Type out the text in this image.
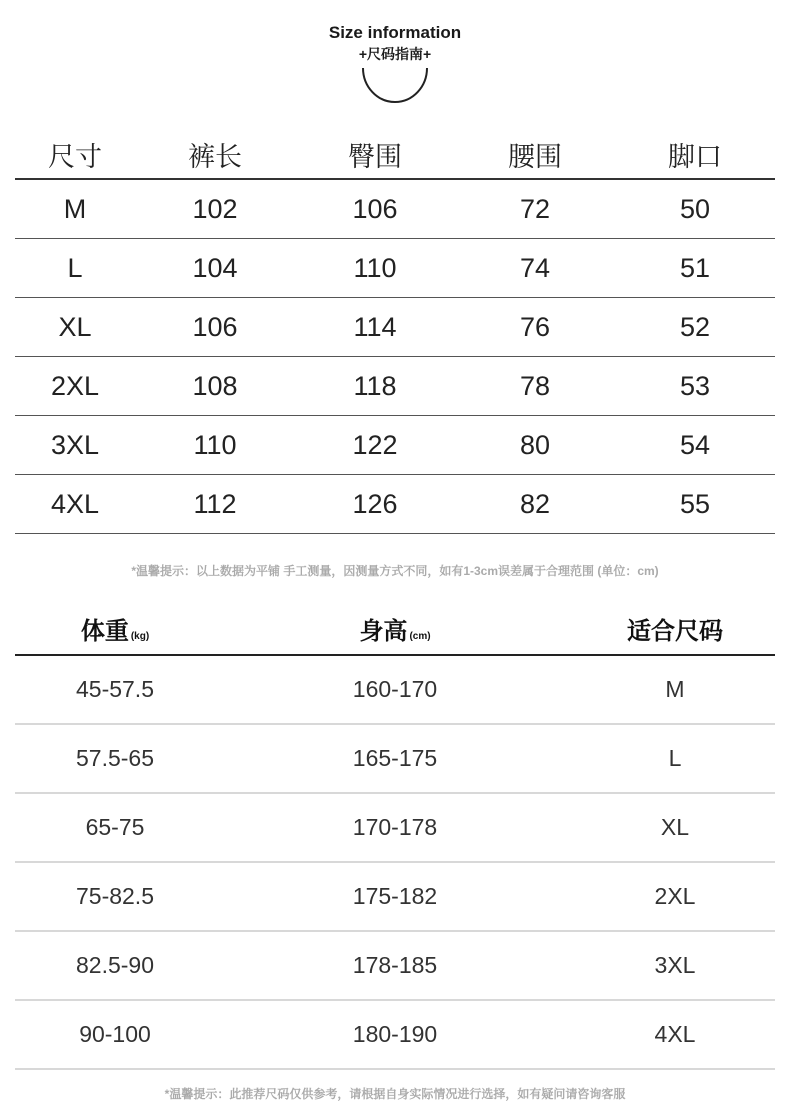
Size information
+尺码指南+
尺寸	裤长	臀围	腰围	脚口
M	102	106	72	50
L	104	110	74	51
XL	106	114	76	52
2XL	108	118	78	53
3XL	110	122	80	54
4XL	112	126	82	55
*温馨提示：以上数据为平铺 手工测量，因测量方式不同，如有1-3cm误差属于合理范围 (单位：cm)
体重 (kg)	身高 (cm)	适合尺码
45-57.5	160-170	M
57.5-65	165-175	L
65-75	170-178	XL
75-82.5	175-182	2XL
82.5-90	178-185	3XL
90-100	180-190	4XL
*温馨提示：此推荐尺码仅供参考，请根据自身实际情况进行选择，如有疑问请咨询客服
